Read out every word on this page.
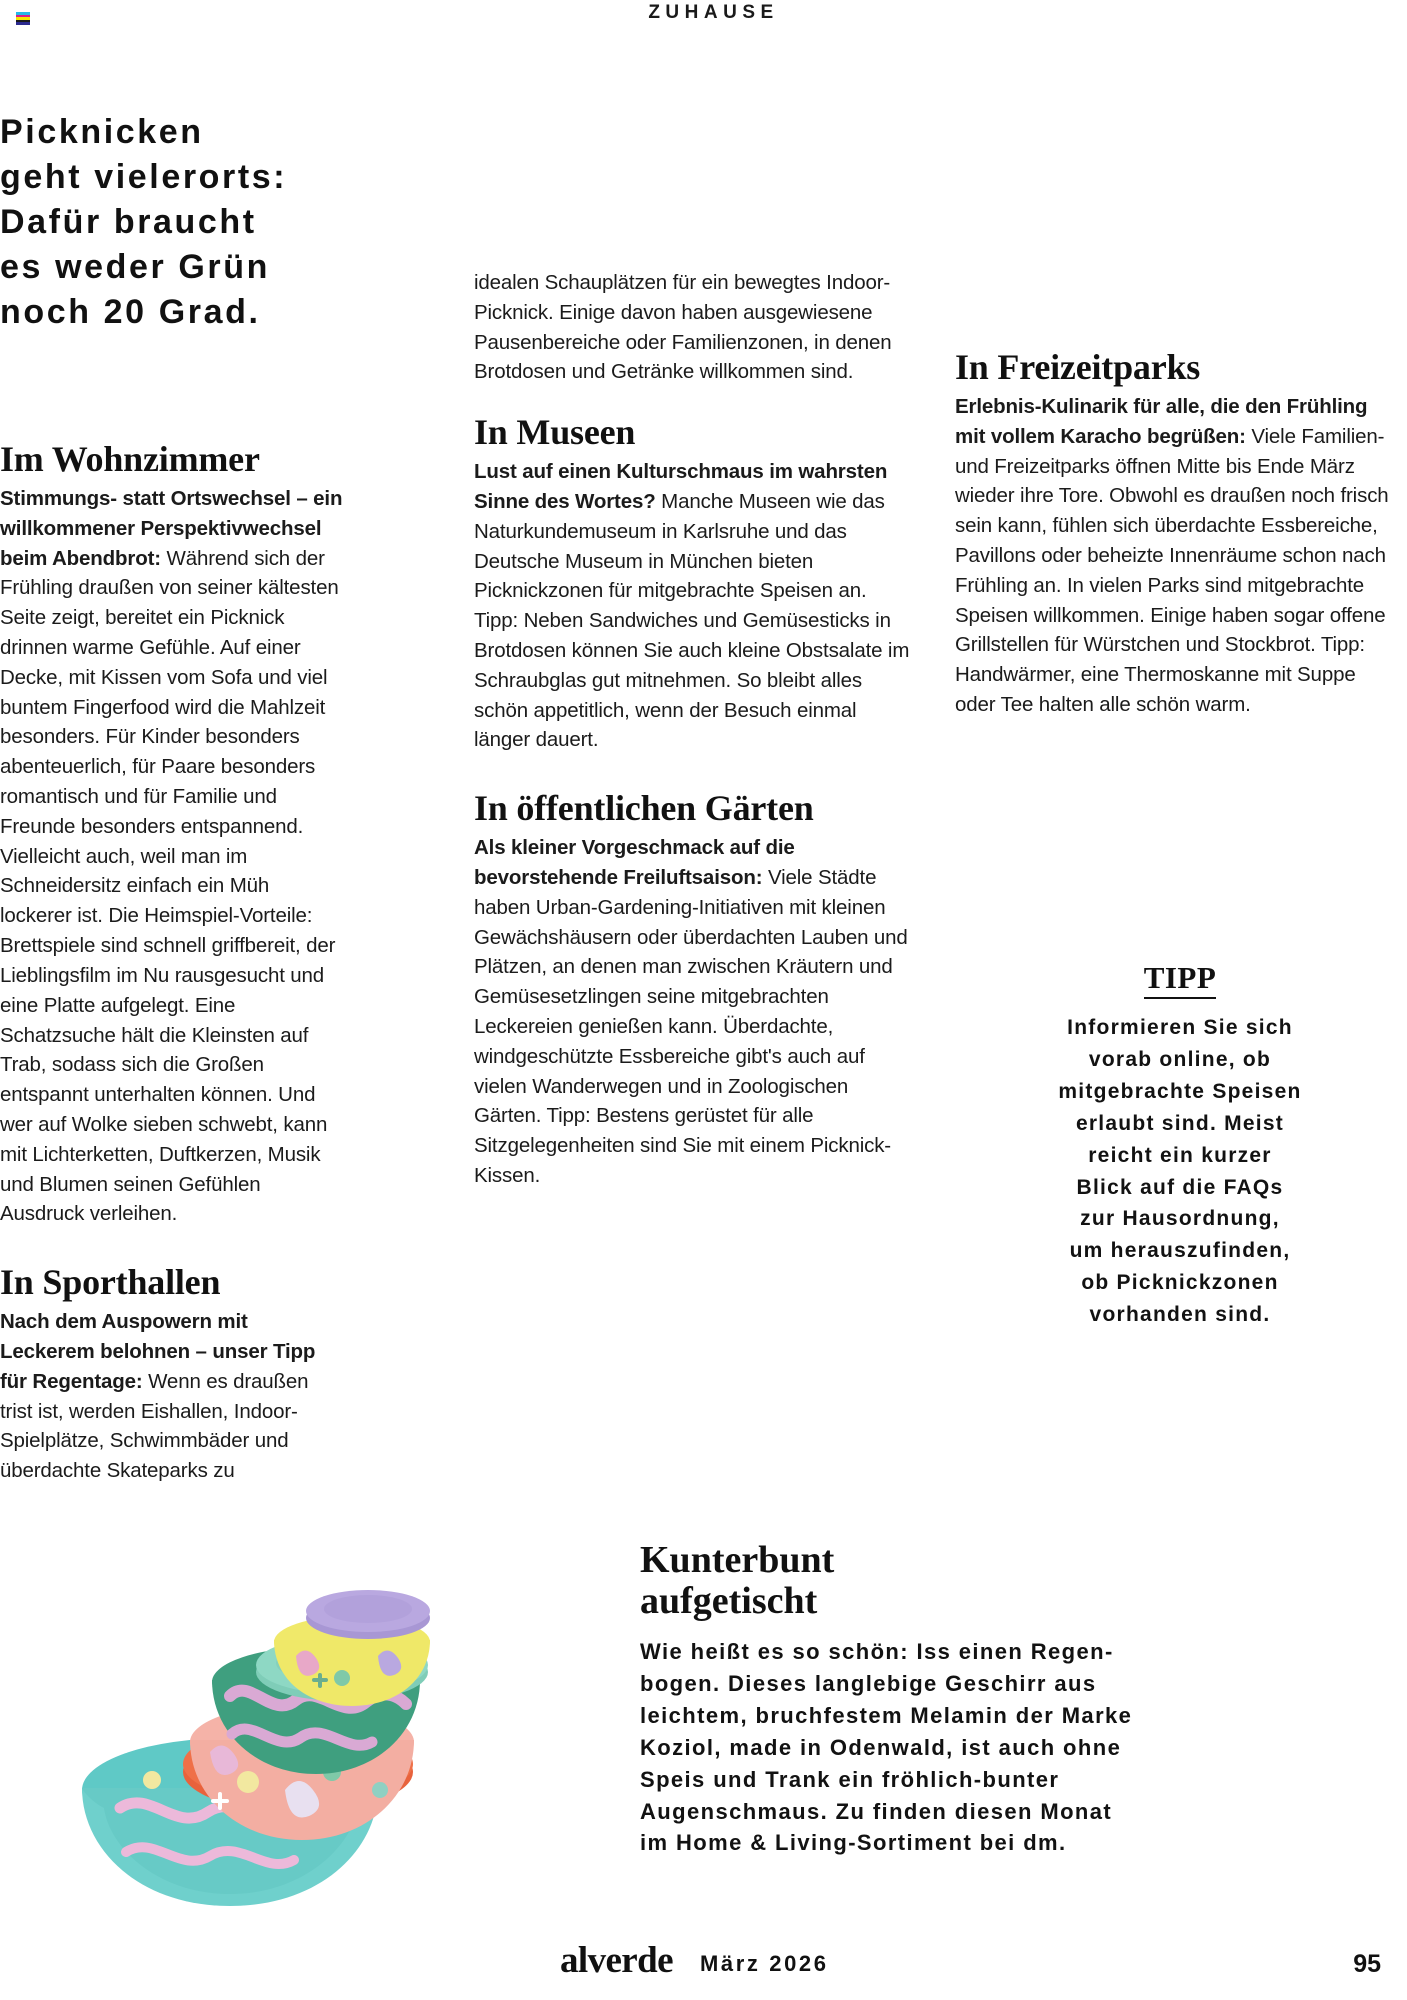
ZUHAUSE
Picknicken
geht vielerorts:
Dafür braucht
es weder Grün
noch 20 Grad.
Im Wohnzimmer

Stimmungs- statt Ortswechsel – ein willkommener Perspektivwechsel beim Abendbrot: Während sich der Frühling draußen von seiner kältesten Seite zeigt, bereitet ein Picknick drinnen warme Gefühle. Auf einer Decke, mit Kissen vom Sofa und viel buntem Fingerfood wird die Mahlzeit besonders. Für Kinder besonders abenteuerlich, für Paare besonders romantisch und für Familie und Freunde besonders entspannend. Vielleicht auch, weil man im Schneidersitz einfach ein Müh lockerer ist. Die Heimspiel-Vorteile: Brettspiele sind schnell griffbereit, der Lieblingsfilm im Nu rausgesucht und eine Platte aufgelegt. Eine Schatzsuche hält die Kleinsten auf Trab, sodass sich die Großen entspannt unterhalten können. Und wer auf Wolke sieben schwebt, kann mit Lichterketten, Duftkerzen, Musik und Blumen seinen Gefühlen Ausdruck verleihen.

In Sporthallen

Nach dem Auspowern mit Leckerem belohnen – unser Tipp für Regentage: Wenn es draußen trist ist, werden Eishallen, Indoor-Spielplätze, Schwimmbäder und überdachte Skateparks zu

idealen Schauplätzen für ein bewegtes Indoor-Picknick. Einige davon haben ausgewiesene Pausenbereiche oder Familienzonen, in denen Brotdosen und Getränke willkommen sind.

In Museen

Lust auf einen Kulturschmaus im wahrsten Sinne des Wortes? Manche Museen wie das Naturkundemuseum in Karlsruhe und das Deutsche Museum in München bieten Picknickzonen für mitgebrachte Speisen an. Tipp: Neben Sandwiches und Gemüsesticks in Brotdosen können Sie auch kleine Obstsalate im Schraubglas gut mitnehmen. So bleibt alles schön appetitlich, wenn der Besuch einmal länger dauert.

In öffentlichen Gärten

Als kleiner Vorgeschmack auf die bevorstehende Freiluftsaison: Viele Städte haben Urban-Gardening-Initiativen mit kleinen Gewächshäusern oder überdachten Lauben und Plätzen, an denen man zwischen Kräutern und Gemüsesetzlingen seine mitgebrachten Leckereien genießen kann. Überdachte, windgeschützte Essbereiche gibt's auch auf vielen Wanderwegen und in Zoologischen Gärten. Tipp: Bestens gerüstet für alle Sitzgelegenheiten sind Sie mit einem Picknick-Kissen.

In Freizeitparks

Erlebnis-Kulinarik für alle, die den Frühling mit vollem Karacho begrüßen: Viele Familien- und Freizeitparks öffnen Mitte bis Ende März wieder ihre Tore. Obwohl es draußen noch frisch sein kann, fühlen sich überdachte Essbereiche, Pavillons oder beheizte Innenräume schon nach Frühling an. In vielen Parks sind mitgebrachte Speisen willkommen. Einige haben sogar offene Grillstellen für Würstchen und Stockbrot. Tipp: Handwärmer, eine Thermoskanne mit Suppe oder Tee halten alle schön warm.

TIPP
Informieren Sie sich
vorab online, ob
mitgebrachte Speisen
erlaubt sind. Meist
reicht ein kurzer
Blick auf die FAQs
zur Hausordnung,
um herauszufinden,
ob Picknickzonen
vorhanden sind.
Kunterbunt
aufgetischt
Wie heißt es so schön: Iss einen Regen-
bogen. Dieses langlebige Geschirr aus
leichtem, bruchfestem Melamin der Marke
Koziol, made in Odenwald, ist auch ohne
Speis und Trank ein fröhlich-bunter
Augenschmaus. Zu finden diesen Monat
im Home & Living-Sortiment bei dm.
alverde März 2026	95
